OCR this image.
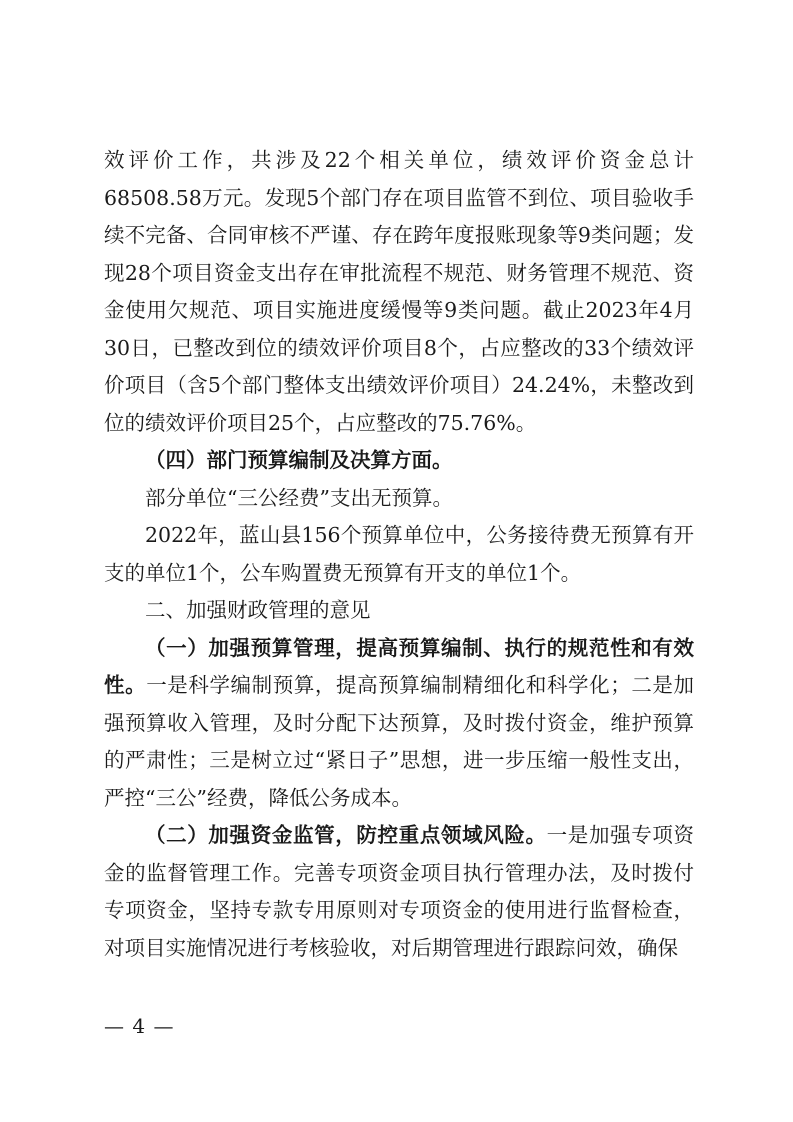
效评价工作，共涉及22个相关单位，绩效评价资金总计68508.58万元。发现5个部门存在项目监管不到位、项目验收手续不完备、合同审核不严谨、存在跨年度报账现象等9类问题；发现28个项目资金支出存在审批流程不规范、财务管理不规范、资金使用欠规范、项目实施进度缓慢等9类问题。截止2023年4月30日，已整改到位的绩效评价项目8个，占应整改的33个绩效评价项目（含5个部门整体支出绩效评价项目）24.24%，未整改到位的绩效评价项目25个，占应整改的75.76%。

（四）部门预算编制及决算方面。

部分单位“三公经费”支出无预算。

2022年，蓝山县156个预算单位中，公务接待费无预算有开支的单位1个，公车购置费无预算有开支的单位1个。

二、加强财政管理的意见

（一）加强预算管理，提高预算编制、执行的规范性和有效性。一是科学编制预算，提高预算编制精细化和科学化；二是加强预算收入管理，及时分配下达预算，及时拨付资金，维护预算的严肃性；三是树立过“紧日子”思想，进一步压缩一般性支出，严控“三公”经费，降低公务成本。

（二）加强资金监管，防控重点领域风险。一是加强专项资金的监督管理工作。完善专项资金项目执行管理办法，及时拨付专项资金，坚持专款专用原则对专项资金的使用进行监督检查，对项目实施情况进行考核验收，对后期管理进行跟踪问效，确保

— 4 —
